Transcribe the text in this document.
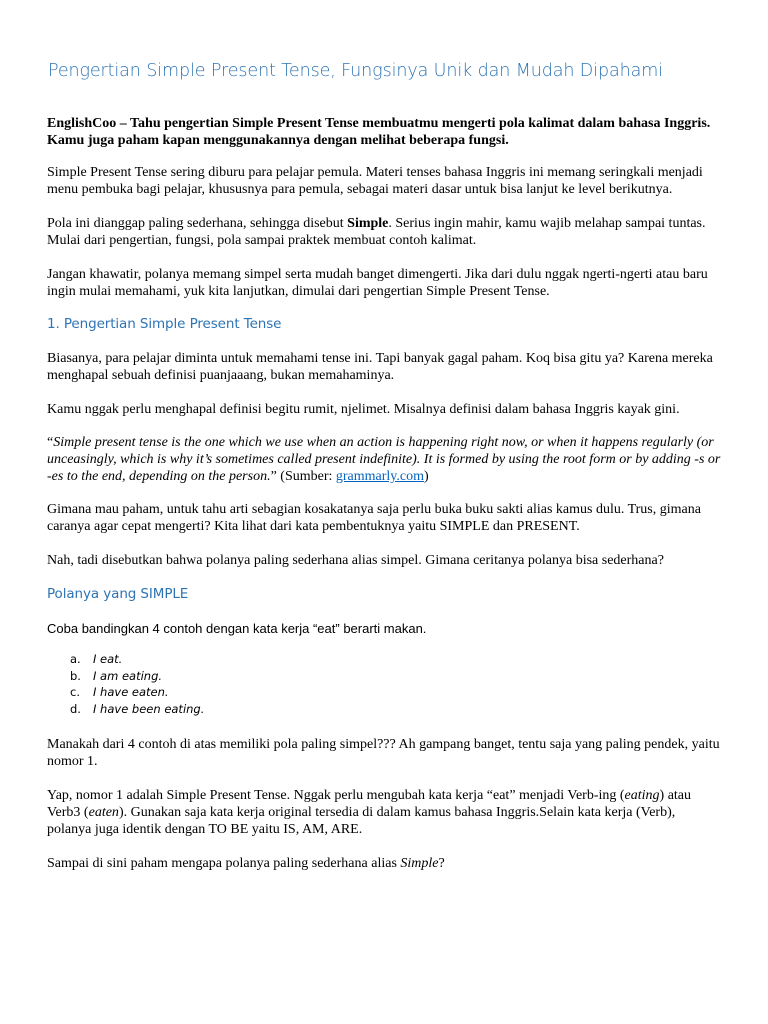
Pengertian Simple Present Tense, Fungsinya Unik dan Mudah Dipahami

EnglishCoo – Tahu pengertian Simple Present Tense membuatmu mengerti pola kalimat dalam bahasa Inggris. Kamu juga paham kapan menggunakannya dengan melihat beberapa fungsi.

Simple Present Tense sering diburu para pelajar pemula. Materi tenses bahasa Inggris ini memang seringkali menjadi menu pembuka bagi pelajar, khususnya para pemula, sebagai materi dasar untuk bisa lanjut ke level berikutnya.

Pola ini dianggap paling sederhana, sehingga disebut Simple. Serius ingin mahir, kamu wajib melahap sampai tuntas. Mulai dari pengertian, fungsi, pola sampai praktek membuat contoh kalimat.

Jangan khawatir, polanya memang simpel serta mudah banget dimengerti. Jika dari dulu nggak ngerti-ngerti atau baru ingin mulai memahami, yuk kita lanjutkan, dimulai dari pengertian Simple Present Tense.

1. Pengertian Simple Present Tense

Biasanya, para pelajar diminta untuk memahami tense ini. Tapi banyak gagal paham. Koq bisa gitu ya? Karena mereka menghapal sebuah definisi puanjaaang, bukan memahaminya.

Kamu nggak perlu menghapal definisi begitu rumit, njelimet. Misalnya definisi dalam bahasa Inggris kayak gini.

“Simple present tense is the one which we use when an action is happening right now, or when it happens regularly (or unceasingly, which is why it’s sometimes called present indefinite). It is formed by using the root form or by adding -s or -es to the end, depending on the person.” (Sumber: grammarly.com)

Gimana mau paham, untuk tahu arti sebagian kosakatanya saja perlu buka buku sakti alias kamus dulu. Trus, gimana caranya agar cepat mengerti? Kita lihat dari kata pembentuknya yaitu SIMPLE dan PRESENT.

Nah, tadi disebutkan bahwa polanya paling sederhana alias simpel. Gimana ceritanya polanya bisa sederhana?

Polanya yang SIMPLE

Coba bandingkan 4 contoh dengan kata kerja “eat” berarti makan.

a.	I eat.
b.	I am eating.
c.	I have eaten.
d.	I have been eating.

Manakah dari 4 contoh di atas memiliki pola paling simpel??? Ah gampang banget, tentu saja yang paling pendek, yaitu nomor 1.

Yap, nomor 1 adalah Simple Present Tense. Nggak perlu mengubah kata kerja “eat” menjadi Verb-ing (eating) atau Verb3 (eaten). Gunakan saja kata kerja original tersedia di dalam kamus bahasa Inggris.Selain kata kerja (Verb), polanya juga identik dengan TO BE yaitu IS, AM, ARE.

Sampai di sini paham mengapa polanya paling sederhana alias Simple?
